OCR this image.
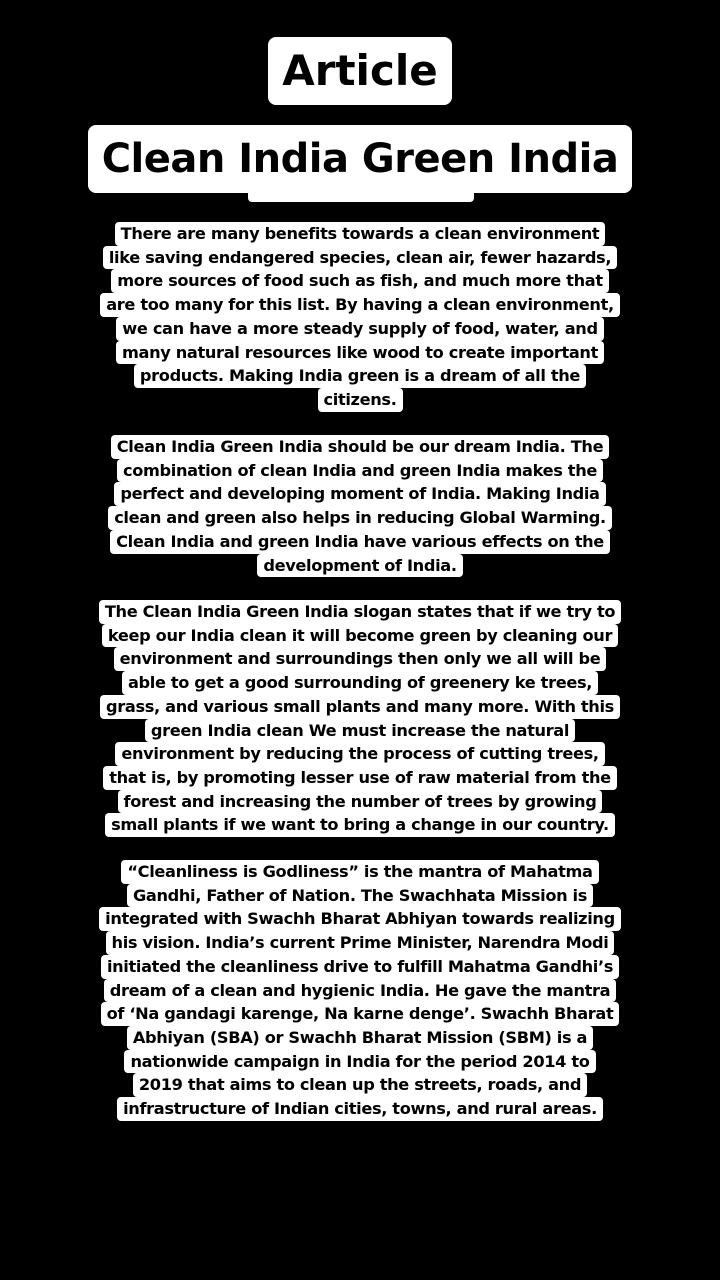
Article
Clean India Green India
There are many benefits towards a clean environment
like saving endangered species, clean air, fewer hazards,
more sources of food such as fish, and much more that
are too many for this list. By having a clean environment,
we can have a more steady supply of food, water, and
many natural resources like wood to create important
products. Making India green is a dream of all the
citizens.
Clean India Green India should be our dream India. The
combination of clean India and green India makes the
perfect and developing moment of India. Making India
clean and green also helps in reducing Global Warming.
Clean India and green India have various effects on the
development of India.
The Clean India Green India slogan states that if we try to
keep our India clean it will become green by cleaning our
environment and surroundings then only we all will be
able to get a good surrounding of greenery ke trees,
grass, and various small plants and many more. With this
green India clean We must increase the natural
environment by reducing the process of cutting trees,
that is, by promoting lesser use of raw material from the
forest and increasing the number of trees by growing
small plants if we want to bring a change in our country.
“Cleanliness is Godliness” is the mantra of Mahatma
Gandhi, Father of Nation. The Swachhata Mission is
integrated with Swachh Bharat Abhiyan towards realizing
his vision. India’s current Prime Minister, Narendra Modi
initiated the cleanliness drive to fulfill Mahatma Gandhi’s
dream of a clean and hygienic India. He gave the mantra
of ‘Na gandagi karenge, Na karne denge’. Swachh Bharat
Abhiyan (SBA) or Swachh Bharat Mission (SBM) is a
nationwide campaign in India for the period 2014 to
2019 that aims to clean up the streets, roads, and
infrastructure of Indian cities, towns, and rural areas.
